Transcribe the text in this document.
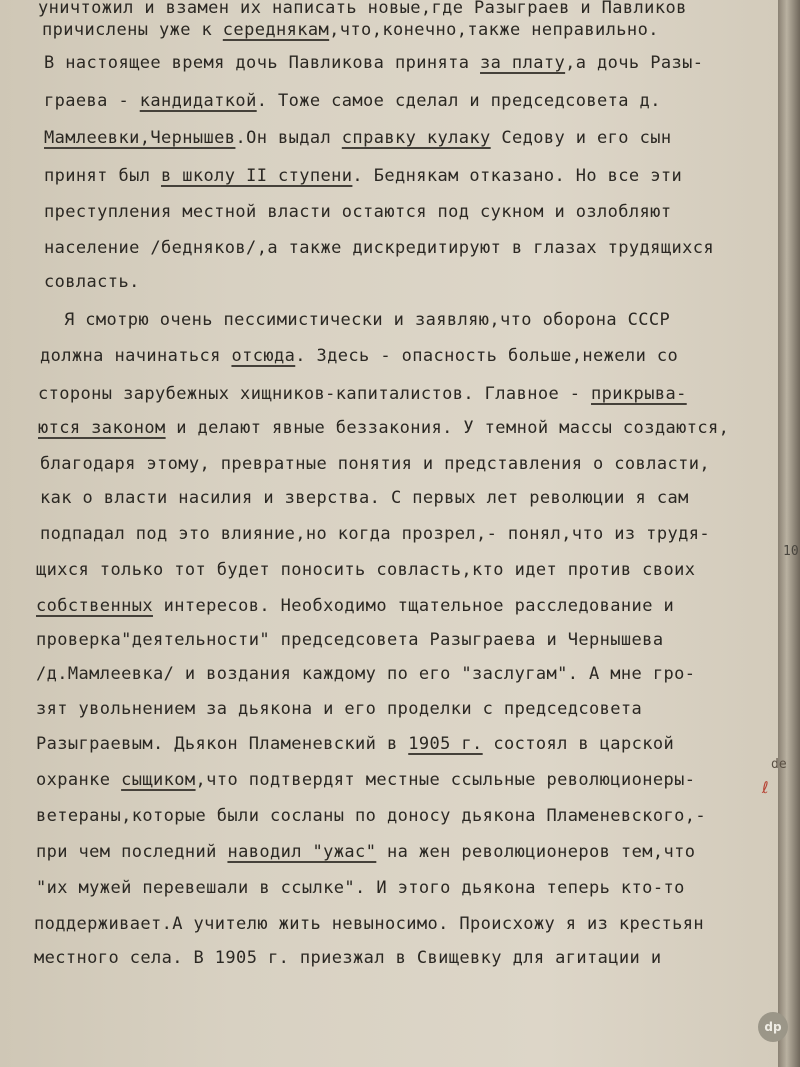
уничтожил и взамен их написать новые,где Разыграев и Павликов
причислены уже к середнякам,что,конечно,также неправильно.
В настоящее время дочь Павликова принята за плату,а дочь Разы-
граева - кандидаткой. Тоже самое сделал и председсовета д.
Мамлеевки,Чернышев.Он выдал справку кулаку Седову и его сын
принят был в школу II ступени. Беднякам отказано. Но все эти
преступления местной власти остаются под сукном и озлобляют
население /бедняков/,а также дискредитируют в глазах трудящихся
совласть.
Я смотрю очень пессимистически и заявляю,что оборона СССР
должна начинаться отсюда. Здесь - опасность больше,нежели со
стороны зарубежных хищников-капиталистов. Главное - прикрыва-
ются законом и делают явные беззакония. У темной массы создаются,
благодаря этому, превратные понятия и представления о совласти,
как о власти насилия и зверства. С первых лет революции я сам
подпадал под это влияние,но когда прозрел,- понял,что из трудя-
щихся только тот будет поносить совласть,кто идет против своих
собственных интересов. Необходимо тщательное расследование и
проверка"деятельности" председсовета Разыграева и Чернышева
/д.Мамлеевка/ и воздания каждому по его "заслугам". А мне гро-
зят увольнением за дьякона и его проделки с председсовета
Разыграевым. Дьякон Пламеневский в 1905 г. состоял в царской
охранке сыщиком,что подтвердят местные ссыльные революционеры-
ветераны,которые были сосланы по доносу дьякона Пламеневского,-
при чем последний наводил "ужас" на жен революционеров тем,что
"их мужей перевешали в ссылке". И этого дьякона теперь кто-то
поддерживает.А учителю жить невыносимо. Происхожу я из крестьян
местного села. В 1905 г. приезжал в Свищевку для агитации и
10
de
ℓ
dp
